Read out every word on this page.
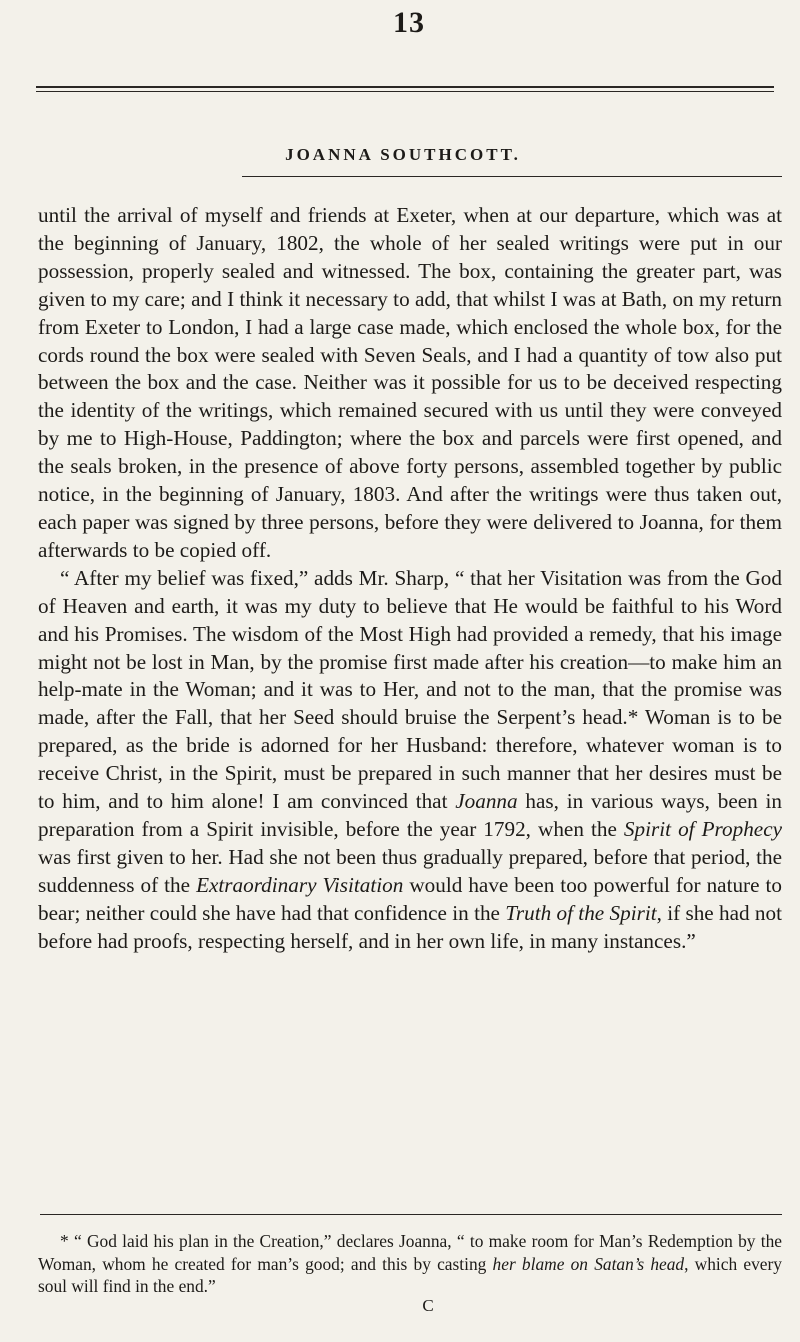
13
JOANNA SOUTHCOTT.

until the arrival of myself and friends at Exeter, when at our departure, which was at the beginning of January, 1802, the whole of her sealed writings were put in our possession, properly sealed and witnessed. The box, containing the greater part, was given to my care; and I think it necessary to add, that whilst I was at Bath, on my return from Exeter to London, I had a large case made, which enclosed the whole box, for the cords round the box were sealed with Seven Seals, and I had a quantity of tow also put between the box and the case. Neither was it possible for us to be deceived respecting the identity of the writings, which remained secured with us until they were conveyed by me to High-House, Paddington; where the box and parcels were first opened, and the seals broken, in the presence of above forty persons, assembled together by public notice, in the beginning of January, 1803. And after the writings were thus taken out, each paper was signed by three persons, before they were delivered to Joanna, for them afterwards to be copied off.

“ After my belief was fixed,” adds Mr. Sharp, “ that her Visitation was from the God of Heaven and earth, it was my duty to believe that He would be faithful to his Word and his Promises. The wisdom of the Most High had provided a remedy, that his image might not be lost in Man, by the promise first made after his creation—to make him an help-mate in the Woman; and it was to Her, and not to the man, that the promise was made, after the Fall, that her Seed should bruise the Serpent’s head.* Woman is to be prepared, as the bride is adorned for her Husband: therefore, whatever woman is to receive Christ, in the Spirit, must be prepared in such manner that her desires must be to him, and to him alone! I am convinced that Joanna has, in various ways, been in preparation from a Spirit invisible, before the year 1792, when the Spirit of Prophecy was first given to her. Had she not been thus gradually prepared, before that period, the suddenness of the Extraordinary Visitation would have been too powerful for nature to bear; neither could she have had that confidence in the Truth of the Spirit, if she had not before had proofs, respecting herself, and in her own life, in many instances.”

* “ God laid his plan in the Creation,” declares Joanna, “ to make room for Man’s Redemption by the Woman, whom he created for man’s good; and this by casting her blame on Satan’s head, which every soul will find in the end.”

C
